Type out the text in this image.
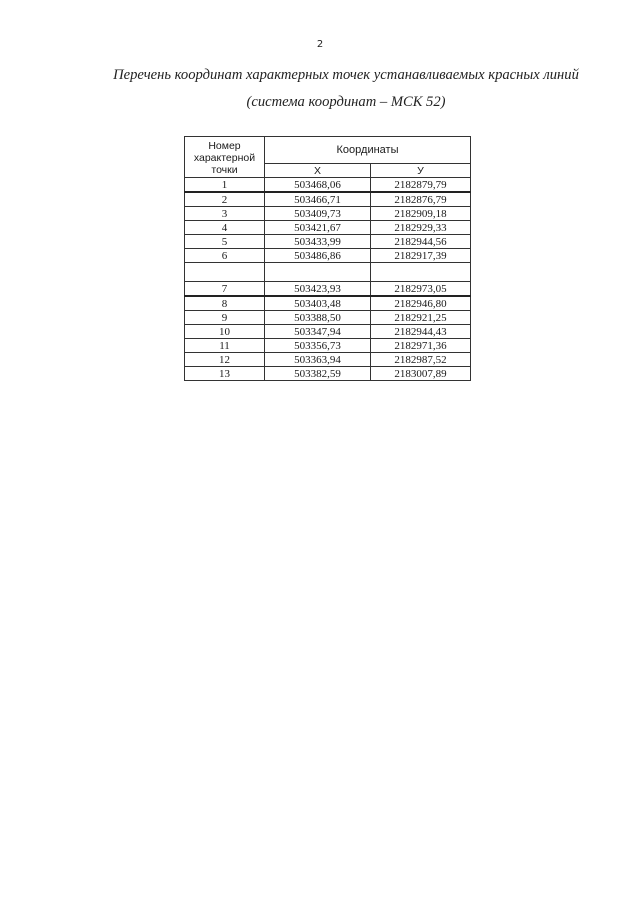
2
Перечень координат характерных точек устанавливаемых красных линий
(система координат – МСК 52)
Номер характерной точки	Координаты	
	Х	У
1	503468,06	2182879,79
2	503466,71	2182876,79
3	503409,73	2182909,18
4	503421,67	2182929,33
5	503433,99	2182944,56
6	503486,86	2182917,39

7	503423,93	2182973,05
8	503403,48	2182946,80
9	503388,50	2182921,25
10	503347,94	2182944,43
11	503356,73	2182971,36
12	503363,94	2182987,52
13	503382,59	2183007,89
